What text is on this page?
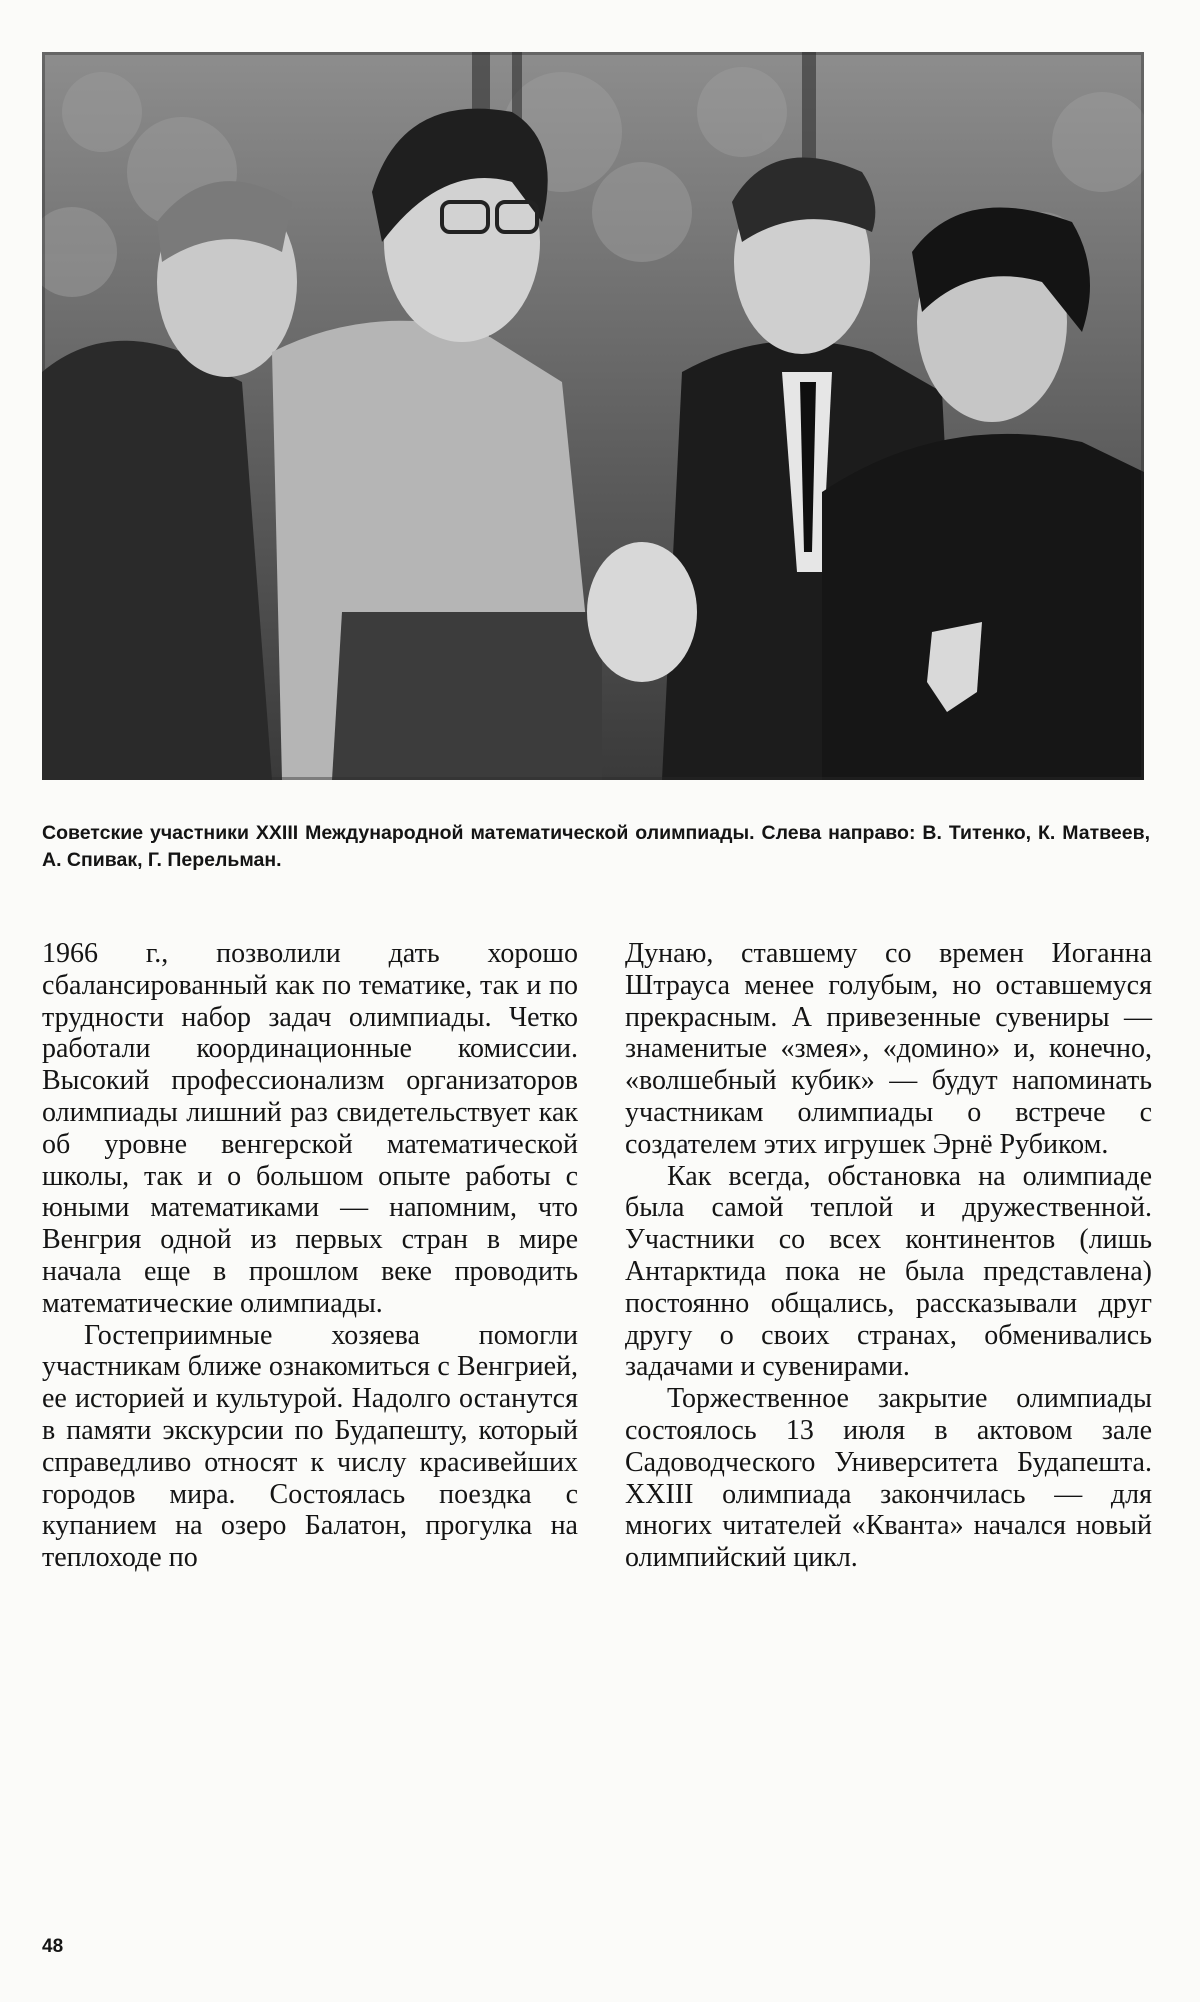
Советские участники XXIII Международной математической олимпиады. Слева направо: В. Титенко, К. Матвеев, А. Спивак, Г. Перельман.

1966 г., позволили дать хорошо сбалансированный как по тематике, так и по трудности набор задач олимпиады. Четко работали координационные комиссии. Высокий профессионализм организаторов олимпиады лишний раз свидетельствует как об уровне венгерской математической школы, так и о большом опыте работы с юными математиками — напомним, что Венгрия одной из первых стран в мире начала еще в прошлом веке проводить математические олимпиады.

Гостеприимные хозяева помогли участникам ближе ознакомиться с Венгрией, ее историей и культурой. Надолго останутся в памяти экскурсии по Будапешту, который справедливо относят к числу красивейших городов мира. Состоялась поездка с купанием на озеро Балатон, прогулка на теплоходе по

Дунаю, ставшему со времен Иоганна Штрауса менее голубым, но оставшемуся прекрасным. А привезенные сувениры — знаменитые «змея», «домино» и, конечно, «волшебный кубик» — будут напоминать участникам олимпиады о встрече с создателем этих игрушек Эрнё Рубиком.

Как всегда, обстановка на олимпиаде была самой теплой и дружественной. Участники со всех континентов (лишь Антарктида пока не была представлена) постоянно общались, рассказывали друг другу о своих странах, обменивались задачами и сувенирами.

Торжественное закрытие олимпиады состоялось 13 июля в актовом зале Садоводческого Университета Будапешта. XXIII олимпиада закончилась — для многих читателей «Кванта» начался новый олимпийский цикл.

48
